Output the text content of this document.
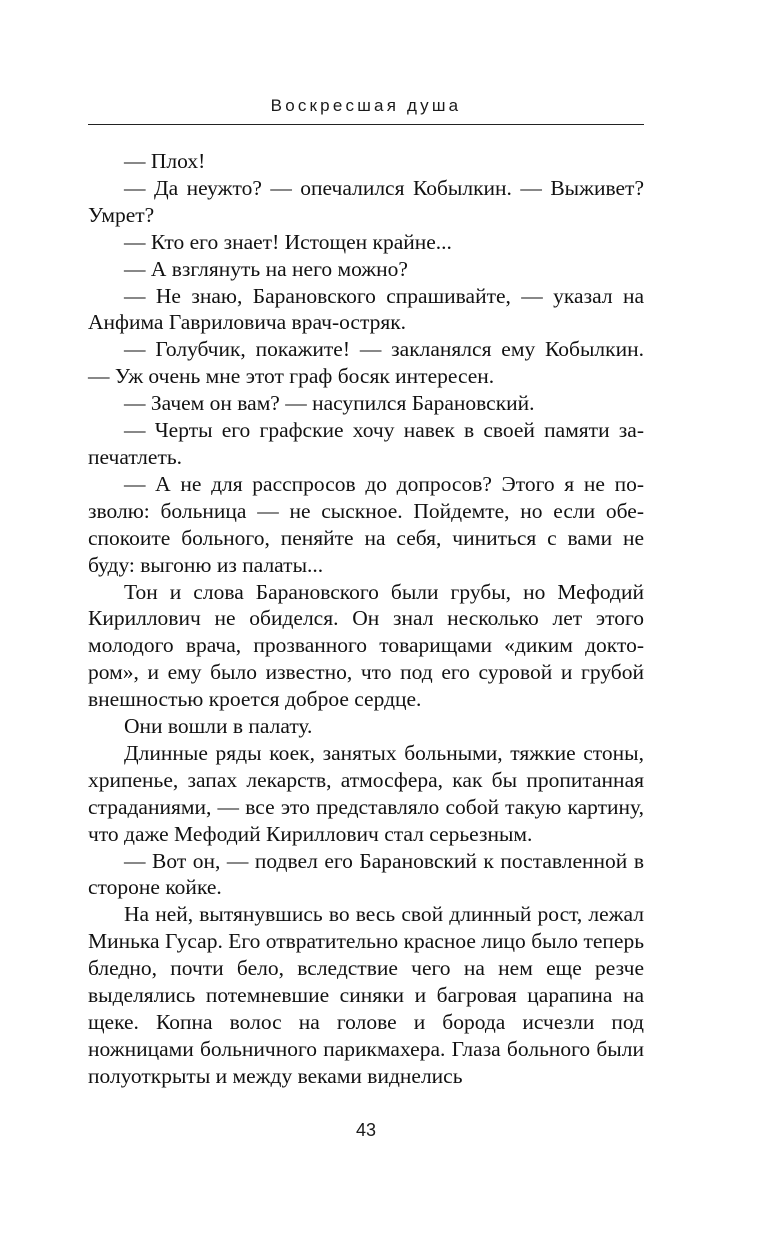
Воскресшая душа

— Плох!

— Да неужто? — опечалился Кобылкин. — Выживет? Умрет?

— Кто его знает! Истощен крайне...

— А взглянуть на него можно?

— Не знаю, Барановского спрашивайте, — указал на Анфима Гавриловича врач-остряк.

— Голубчик, покажите! — закланялся ему Кобылкин. — Уж очень мне этот граф босяк интересен.

— Зачем он вам? — насупился Барановский.

— Черты его графские хочу навек в своей памяти запечатлеть.

— А не для расспросов до допросов? Этого я не позволю: больница — не сыскное. Пойдемте, но если обеспокоите больного, пеняйте на себя, чиниться с вами не буду: выгоню из палаты...

Тон и слова Барановского были грубы, но Мефодий Кириллович не обиделся. Он знал несколько лет этого молодого врача, прозванного товарищами «диким доктором», и ему было известно, что под его суровой и грубой внешностью кроется доброе сердце.

Они вошли в палату.

Длинные ряды коек, занятых больными, тяжкие стоны, хрипенье, запах лекарств, атмосфера, как бы пропитанная страданиями, — все это представляло собой такую картину, что даже Мефодий Кириллович стал серьезным.

— Вот он, — подвел его Барановский к поставленной в стороне койке.

На ней, вытянувшись во весь свой длинный рост, лежал Минька Гусар. Его отвратительно красное лицо было теперь бледно, почти бело, вследствие чего на нем еще резче выделялись потемневшие синяки и багровая царапина на щеке. Копна волос на голове и борода исчезли под ножницами больничного парикмахера. Глаза больного были полуоткрыты и между веками виднелись

43
